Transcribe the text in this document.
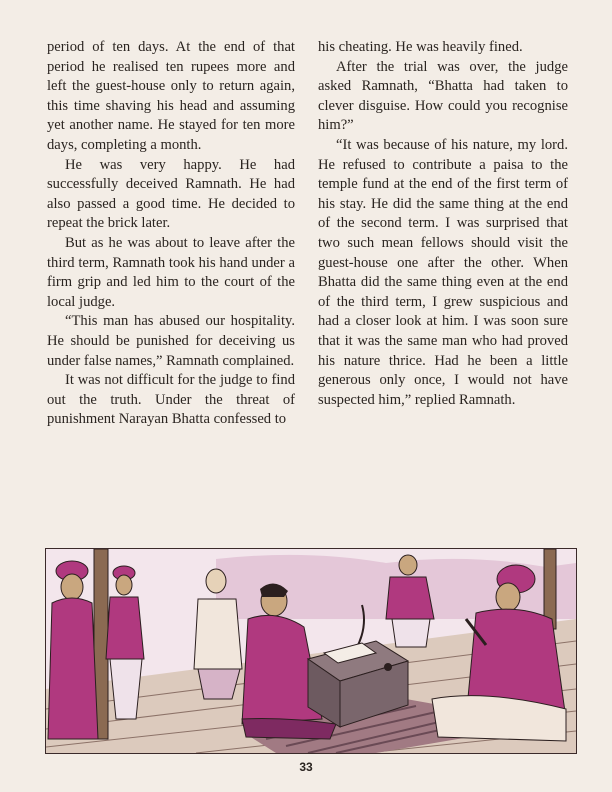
period of ten days. At the end of that period he realised ten rupees more and left the guest-house only to return again, this time shaving his head and assuming yet another name. He stayed for ten more days, completing a month.

He was very happy. He had successfully deceived Ramnath. He had also passed a good time. He decided to repeat the brick later.

But as he was about to leave after the third term, Ramnath took his hand under a firm grip and led him to the court of the local judge.

“This man has abused our hospitality. He should be punished for deceiving us under false names,” Ramnath complained.

It was not difficult for the judge to find out the truth. Under the threat of punishment Narayan Bhatta confessed to

his cheating. He was heavily fined.

After the trial was over, the judge asked Ramnath, “Bhatta had taken to clever disguise. How could you recognise him?”

“It was because of his nature, my lord. He refused to contribute a paisa to the temple fund at the end of the first term of his stay. He did the same thing at the end of the second term. I was surprised that two such mean fellows should visit the guest-house one after the other. When Bhatta did the same thing even at the end of the third term, I grew suspicious and had a closer look at him. I was soon sure that it was the same man who had proved his nature thrice. Had he been a little generous only once, I would not have suspected him,” replied Ramnath.

33
